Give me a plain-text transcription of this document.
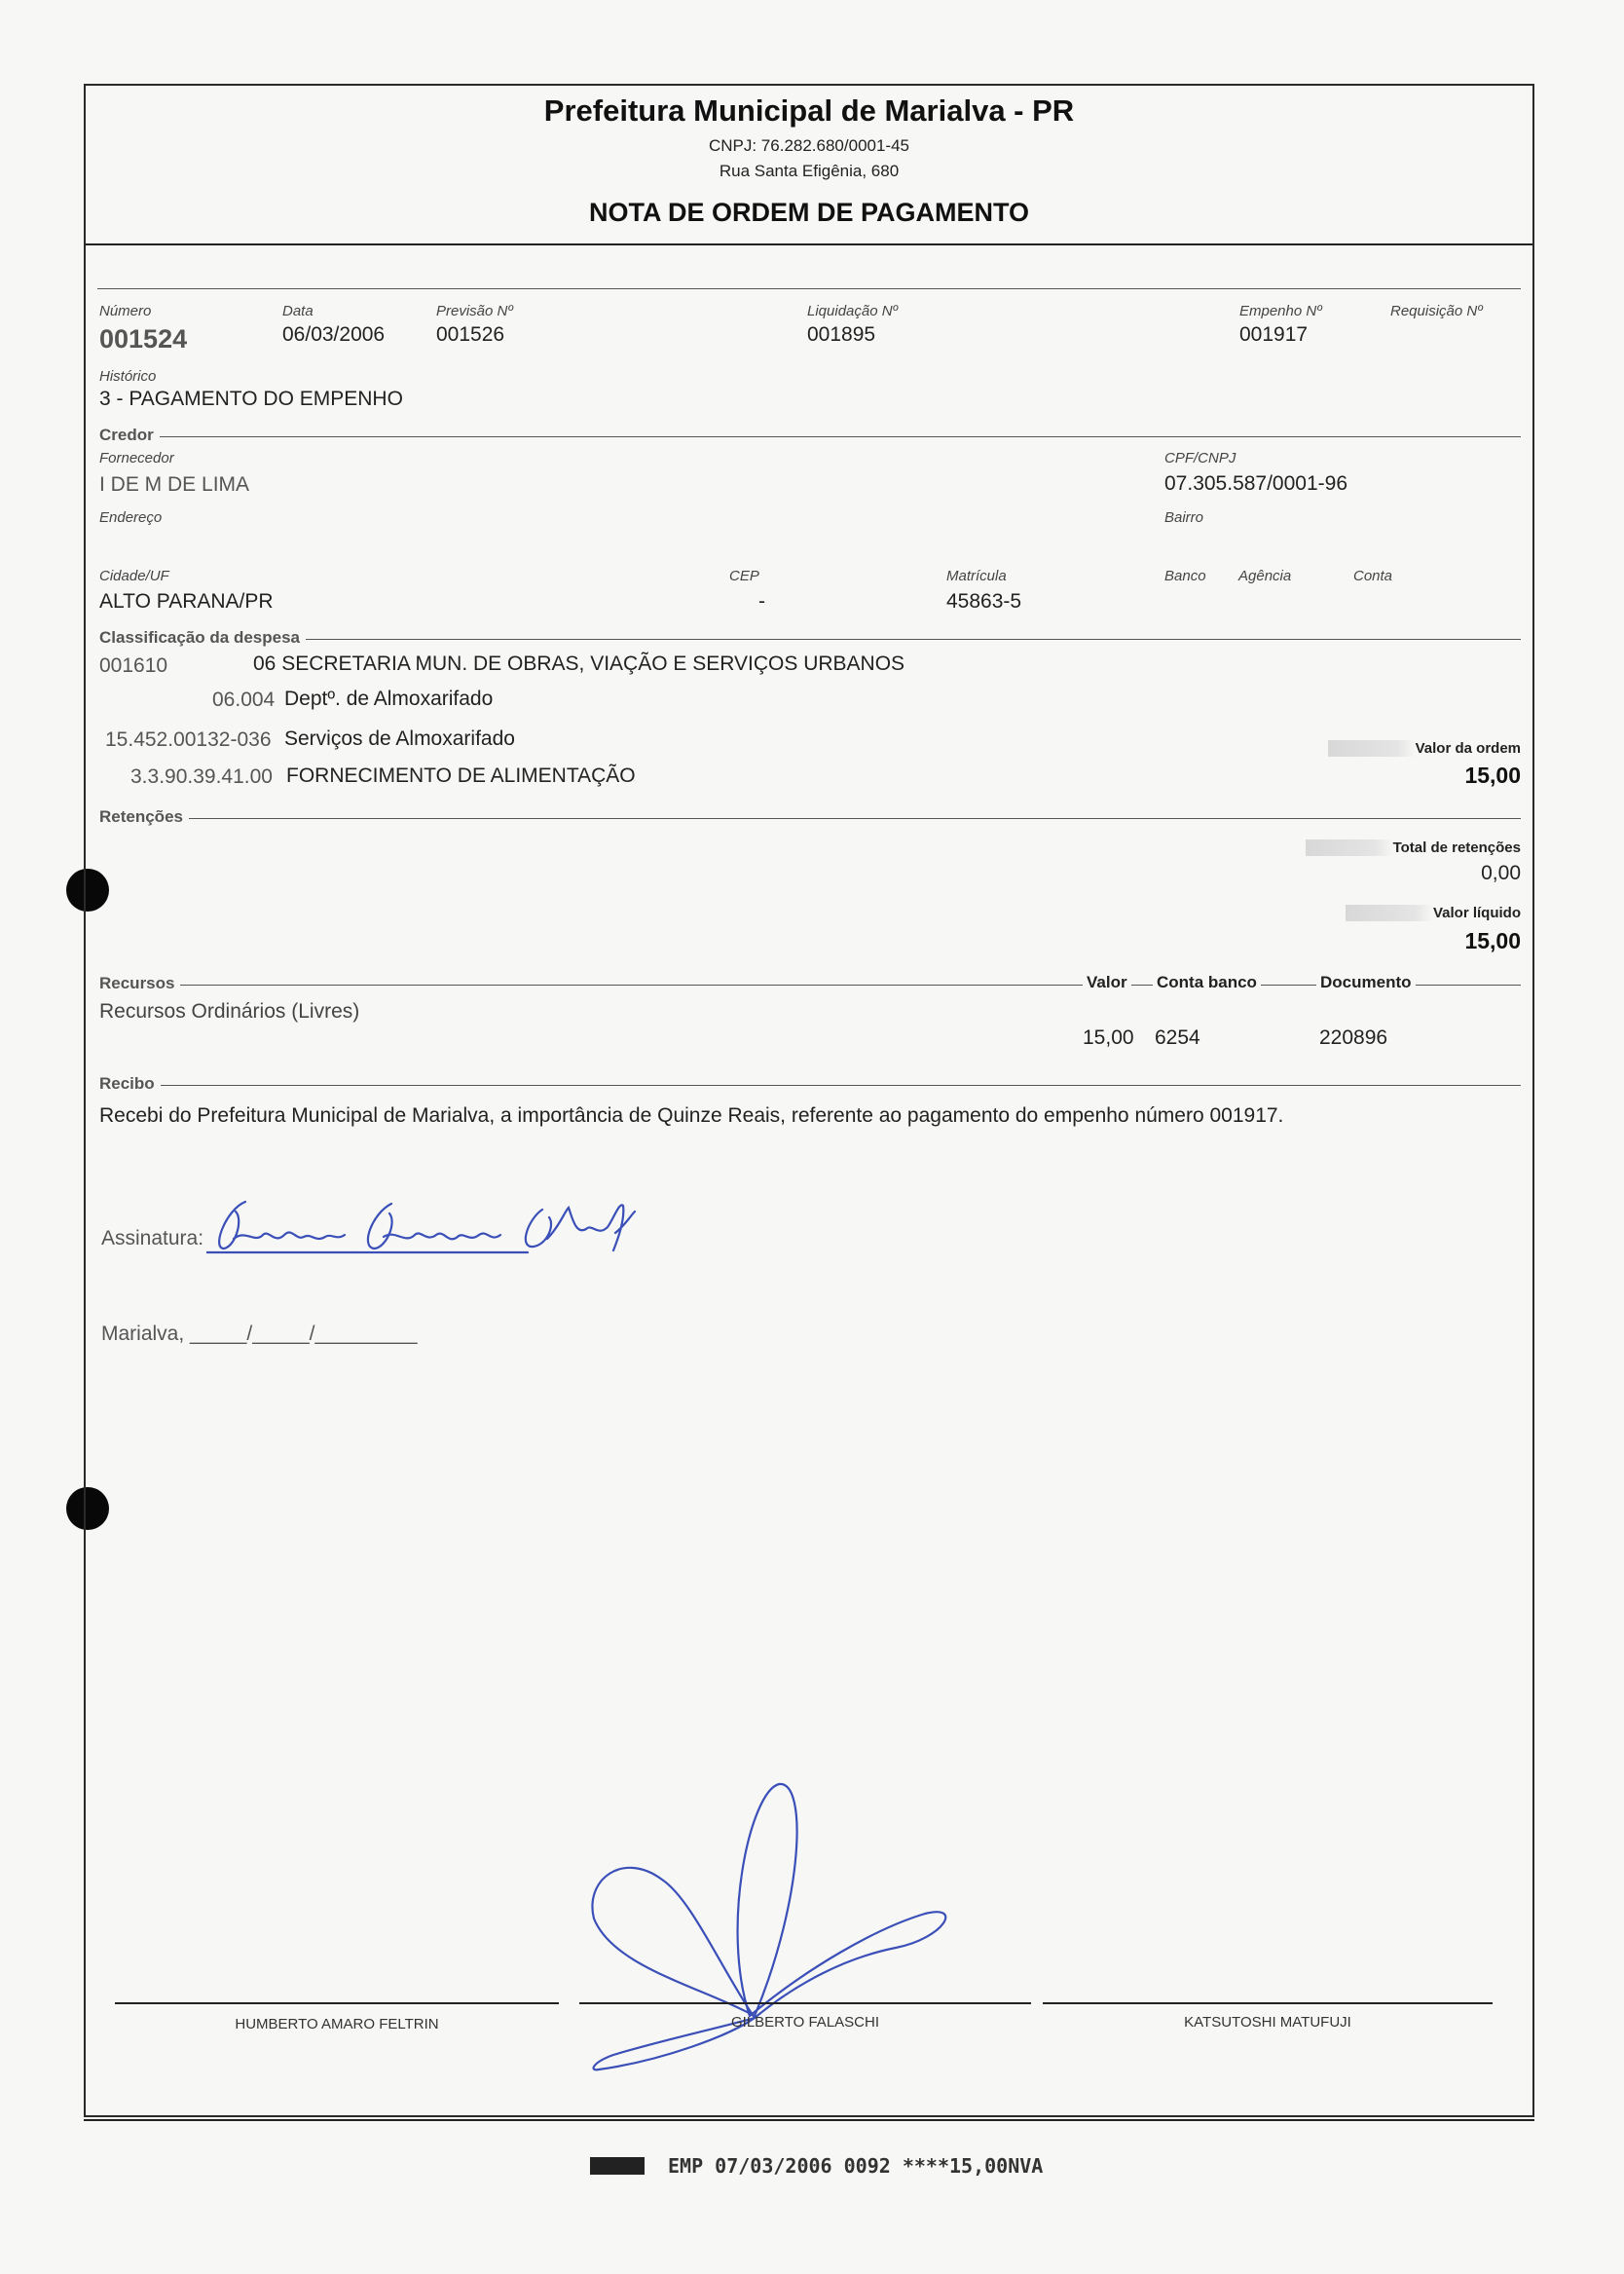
Prefeitura Municipal de Marialva - PR
CNPJ: 76.282.680/0001-45
Rua Santa Efigênia, 680
NOTA DE ORDEM DE PAGAMENTO
Número
001524
Data
06/03/2006
Previsão Nº
001526
Liquidação Nº
001895
Empenho Nº
001917
Requisição Nº
Histórico
3 - PAGAMENTO DO EMPENHO
Credor
Fornecedor
I DE M DE LIMA
CPF/CNPJ
07.305.587/0001-96
Endereço	Bairro
Cidade/UF
ALTO PARANA/PR
CEP
-
Matrícula
45863-5
Banco Agência	Conta
Classificação da despesa
001610	06 SECRETARIA MUN. DE OBRAS, VIAÇÃO E SERVIÇOS URBANOS
06.004 Deptº. de Almoxarifado
15.452.00132-036 Serviços de Almoxarifado
3.3.90.39.41.00 FORNECIMENTO DE ALIMENTAÇÃO
Valor da ordem
15,00
Retenções
Total de retenções
0,00
Valor líquido
15,00
Recursos	Valor Conta banco	Documento
Recursos Ordinários (Livres)
15,00 6254	220896
Recibo
Recebi do Prefeitura Municipal de Marialva, a importância de Quinze Reais, referente ao pagamento do empenho número 001917.
Assinatura:
Marialva, _____/_____/_________
HUMBERTO AMARO FELTRIN	GILBERTO FALASCHI	KATSUTOSHI MATUFUJI
EMP 07/03/2006 0092 ****15,00NVA
